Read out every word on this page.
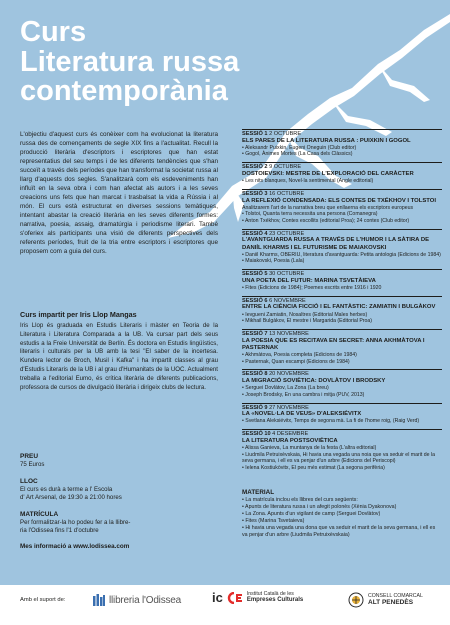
Curs
Literatura russa
contemporània

L'objectiu d'aquest curs és conèixer com ha evolucionat la literatura russa des de començaments de segle XIX fins a l'actualitat. Recull la producció literària d'escriptors i escriptores que han estat representatius del seu temps i de les diferents tendències que s'han succeït a través dels períodes que han transformat la societat russa al llarg d'aquests dos segles. S'analitzarà com els esdeveniments han influït en la seva obra i com han afectat als autors i a les seves creacions uns fets que han marcat i trasbalsat la vida a Rússia i al món. El curs està estructurat en diverses sessions temàtiques, intentant abastar la creació literària en les seves diferents formes: narrativa, poesia, assaig, dramatúrgia i periodisme literari. També s'oferiex als participants una visió de diferents perspectives dels referents períodes, fruit de la tria entre escriptors i escriptores que proposem com a guia del curs.

Curs impartit per Iris Llop Mangas

Iris Llop és graduada en Estudis Literaris i màster en Teoria de la Literatura i Literatura Comparada a la UB. Va cursar part dels seus estudis a la Freie Universität de Berlín. És doctora en Estudis lingüístics, literaris i culturals per la UB amb la tesi "El saber de la incertesa. Kundera lector de Broch, Musil i Kafka" i ha impartit classes al grau d'Estudis Literaris de la UB i al grau d'Humanitats de la UOC. Actualment treballa a l'editorial Eumo, és crítica literària de diferents publicacions, professora de cursos de divulgació literària i dirigeix clubs de lectura.

PREU
75 Euros
LLOC
El curs es durà a terme a l' Escola
d' Art Arsenal, de 19:30 a 21:00 hores
MATRÍCULA
Per formalitzar-la ho podeu fer a la llibre-
ria l'Odissea fins l'1 d'octubre
Mes informació a www.lodissea.com
SESSIÓ 1 2 OCTUBRE
ELS PARES DE LA LITERATURA RUSSA : PUIXKIN I GOGOL
• Aleksandr Puixkin, Eugeni Oneguin (Club editor)
• Gogol, Ànimes Mortes (La Casa dels Clàssics)
SESSIÓ 2 9 OCTUBRE
DOSTOIEVSKI: MESTRE DE L'EXPLORACIÓ DEL CARÀCTER
• Les nits blanques, Novel·la sentimental (Angle editorial)
SESSIÓ 3 16 OCTUBRE
LA REFLEXIÓ CONDENSADA: ELS CONTES DE TXÉKHOV I TOLSTOI
Analitzarem l'art de la narrativa breu que enllaerna els escriptors europeus
• Tolstoi, Quanta terra necessita una persona (Comanegra)
• Anton Txékhov, Contes escollits (editorial Proa); 24 contes (Club editor)
SESSIÓ 4 23 OCTUBRE
L'AVANTGUARDA RUSSA A TRAVÉS DE L'HUMOR I LA SÀTIRA DE DANIÍL KHARMS I EL FUTURISME DE MAIAKOVSKI
• Daniil Kharms, OBERIU, literatura d'avantguarda: Petita antologia (Edicions de 1984)
• Maiakovski, Poesia (Lala)
SESSIÓ 5 30 OCTUBRE
UNA POETA DEL FUTUR: MARINA TSVETÀIEVA
• Fites (Edicions de 1984); Poemes escrits entre 1916 i 1920
SESSIÓ 6 6 NOVEMBRE
ENTRE LA CIÈNCIA FICCIÓ I EL FANTÀSTIC: ZAMIATIN I BULGÀKOV
• Ievgueni Zamiatin, Nosaltres (Editorial Males herbes)
• Mikhail Bulgàkov, El mestre i Margarida (Editorial Proa)
SESSIÓ 7 13 NOVEMBRE
LA POESIA QUE ES RECITAVA EN SECRET: ANNA AKHMÀTOVA I PASTERNAK
• Akhmàtova, Poesia completa (Edicions de 1984)
• Pasternak, Quan escampi (Edicions de 1984)
SESSIÓ 8 20 NOVEMBRE
LA MIGRACIÓ SOVIÈTICA: DOVLÀTOV I BRODSKY
• Serguei Dovlàtov, La Zona (La breu)
• Joseph Brodsky, En una cambra i mitja (PUV, 2013)
SESSIÓ 9 27 NOVEMBRE
LA «NOVEL·LA DE VEUS» D'ALEKSIÉVITX
• Svetlana Aleksiévitx, Temps de segona mà. La fi de l'home roig, (Raig Verd)
SESSIÓ 10 4 DESEMBRE
LA LITERATURA POSTSOVIÈTICA
• Alissa Ganieva, La muntanya de la festa (L'altra editorial)
• Liudmila Petruixèvskaia, Hi havia una vegada una noia que va seduir el marit de la seva germana, i ell es va penjar d'un arbre (Edicions del Periscopi)
• Ielena Kostiukòvitx, El peu més estimat (La segona perifèria)
MATERIAL
• La matrícula inclou els llibres del curs següents:
• Apunts de literatura russa i un afegit polonès (Xènia Dyakonova)
• La Zona. Apunts d'un vigilant de camp (Serguei Dovlàtov)
• Fites (Marina Tsvetaieva)
• Hi havia una vegada una dona que va seduir el marit de la seva germana, i ell es va penjar d'un arbre (Liudmila Petruixèvskaia)
Amb el suport de:	llibreria l'Odissea ic	Institut Català de les
Empreses Culturals
CONSELL COMARCAL
ALT PENEDÈS
